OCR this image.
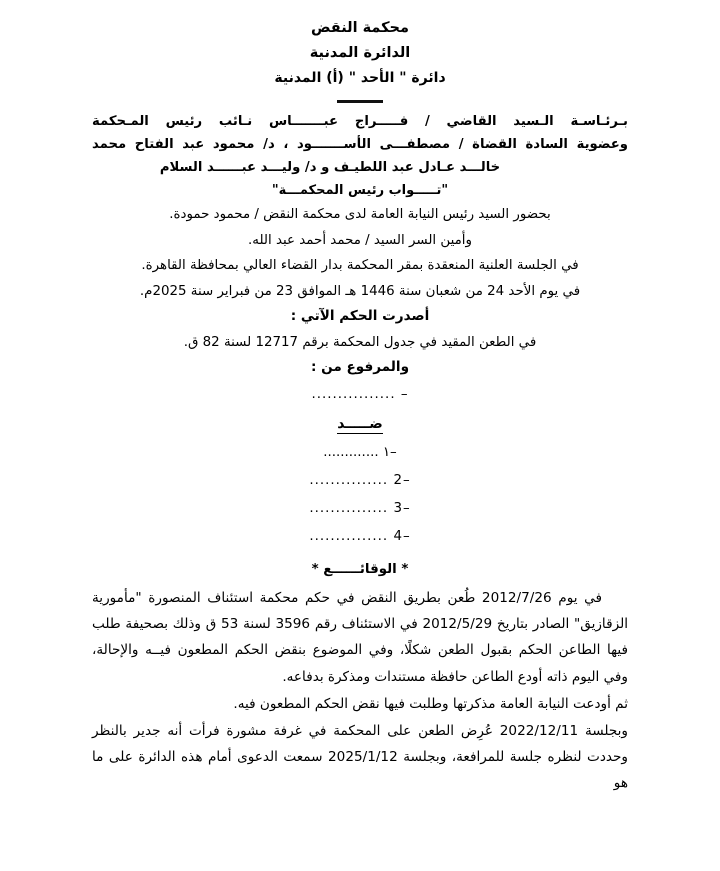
محكمة النقض
الدائرة المدنية
دائرة " الأحد " (أ) المدنية
بـرئـاسـة الـسيد القاضي / فـــــراج عبـــــــاس نـائب رئيس المـحكمة
وعضوية السادة القضاة / مصطفـــى الأســـــــود ، د/ محمود عبد الفتاح محمد
خالـــد عـادل عبد اللطيـف و د/ وليـــد عبــــــد السلام
"تـــــواب رئيس المحكمـــة"
بحضور السيد رئيس النيابة العامة لدى محكمة النقض / محمود حمودة.
وأمين السر السيد / محمد أحمد عبد الله.
في الجلسة العلنية المنعقدة بمقر المحكمة بدار القضاء العالي بمحافظة القاهرة.
في يوم الأحد 24 من شعبان سنة 1446 هـ الموافق 23 من فبراير سنة 2025م.
أصدرت الحكم الآتي :
في الطعن المقيد في جدول المحكمة برقم 12717 لسنة 82 ق.
والمرفوع من :
– ................
ضـــــد
–١ .............
–2 ...............
–3 ...............
–4 ...............
* الوقائــــــع *

في يوم 2012/7/26 طُعن بطريق النقض في حكم محكمة استئناف المنصورة "مأمورية الزقازيق" الصادر بتاريخ 2012/5/29 في الاستئناف رقم 3596 لسنة 53 ق وذلك بصحيفة طلب فيها الطاعن الحكم بقبول الطعن شكلًا، وفي الموضوع بنقض الحكم المطعون فيــه والإحالة،

وفي اليوم ذاته أودع الطاعن حافظة مستندات ومذكرة بدفاعه.

ثم أودعت النيابة العامة مذكرتها وطلبت فيها نقض الحكم المطعون فيه.

وبجلسة 2022/12/11 عُرِض الطعن على المحكمة في غرفة مشورة فرأت أنه جدير بالنظر وحددت لنظره جلسة للمرافعة، وبجلسة 2025/1/12 سمعت الدعوى أمام هذه الدائرة على ما هو
